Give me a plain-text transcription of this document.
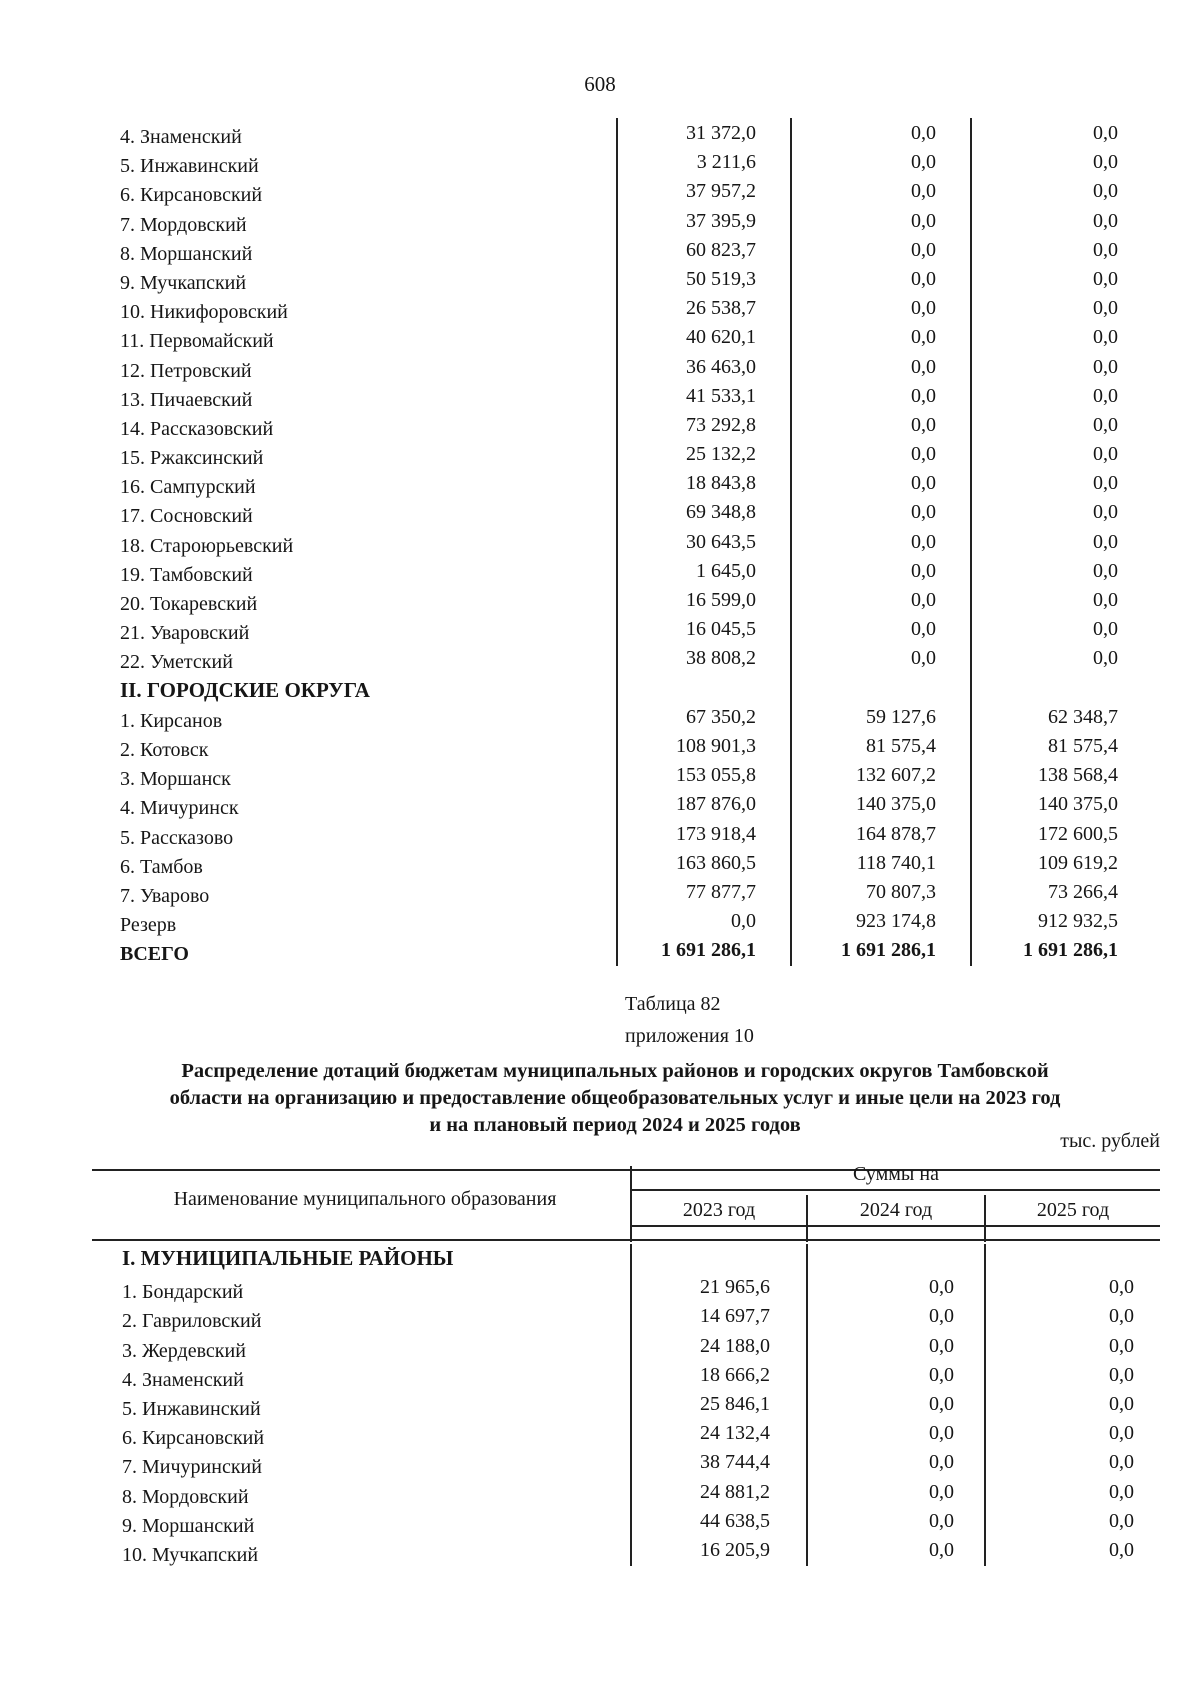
608
4. Знаменский	31 372,0	0,0	0,0
5. Инжавинский	3 211,6	0,0	0,0
6. Кирсановский	37 957,2	0,0	0,0
7. Мордовский	37 395,9	0,0	0,0
8. Моршанский	60 823,7	0,0	0,0
9. Мучкапский	50 519,3	0,0	0,0
10. Никифоровский	26 538,7	0,0	0,0
11. Первомайский	40 620,1	0,0	0,0
12. Петровский	36 463,0	0,0	0,0
13. Пичаевский	41 533,1	0,0	0,0
14. Рассказовский	73 292,8	0,0	0,0
15. Ржаксинский	25 132,2	0,0	0,0
16. Сампурский	18 843,8	0,0	0,0
17. Сосновский	69 348,8	0,0	0,0
18. Староюрьевский	30 643,5	0,0	0,0
19. Тамбовский	1 645,0	0,0	0,0
20. Токаревский	16 599,0	0,0	0,0
21. Уваровский	16 045,5	0,0	0,0
22. Уметский	38 808,2	0,0	0,0
II. ГОРОДСКИЕ ОКРУГА
1. Кирсанов	67 350,2	59 127,6	62 348,7
2. Котовск	108 901,3	81 575,4	81 575,4
3. Моршанск	153 055,8	132 607,2	138 568,4
4. Мичуринск	187 876,0	140 375,0	140 375,0
5. Рассказово	173 918,4	164 878,7	172 600,5
6. Тамбов	163 860,5	118 740,1	109 619,2
7. Уварово	77 877,7	70 807,3	73 266,4
Резерв	0,0	923 174,8	912 932,5
ВСЕГО	1 691 286,1	1 691 286,1	1 691 286,1
Таблица 82
приложения 10
Распределение дотаций бюджетам муниципальных районов и городских округов Тамбовской
области на организацию и предоставление общеобразовательных услуг и иные цели на 2023 год
и на плановый период 2024 и 2025 годов
тыс. рублей
Наименование муниципального образования
Суммы на
2023 год	2024 год	2025 год
I. МУНИЦИПАЛЬНЫЕ РАЙОНЫ
1. Бондарский	21 965,6	0,0	0,0
2. Гавриловский	14 697,7	0,0	0,0
3. Жердевский	24 188,0	0,0	0,0
4. Знаменский	18 666,2	0,0	0,0
5. Инжавинский	25 846,1	0,0	0,0
6. Кирсановский	24 132,4	0,0	0,0
7. Мичуринский	38 744,4	0,0	0,0
8. Мордовский	24 881,2	0,0	0,0
9. Моршанский	44 638,5	0,0	0,0
10. Мучкапский	16 205,9	0,0	0,0
